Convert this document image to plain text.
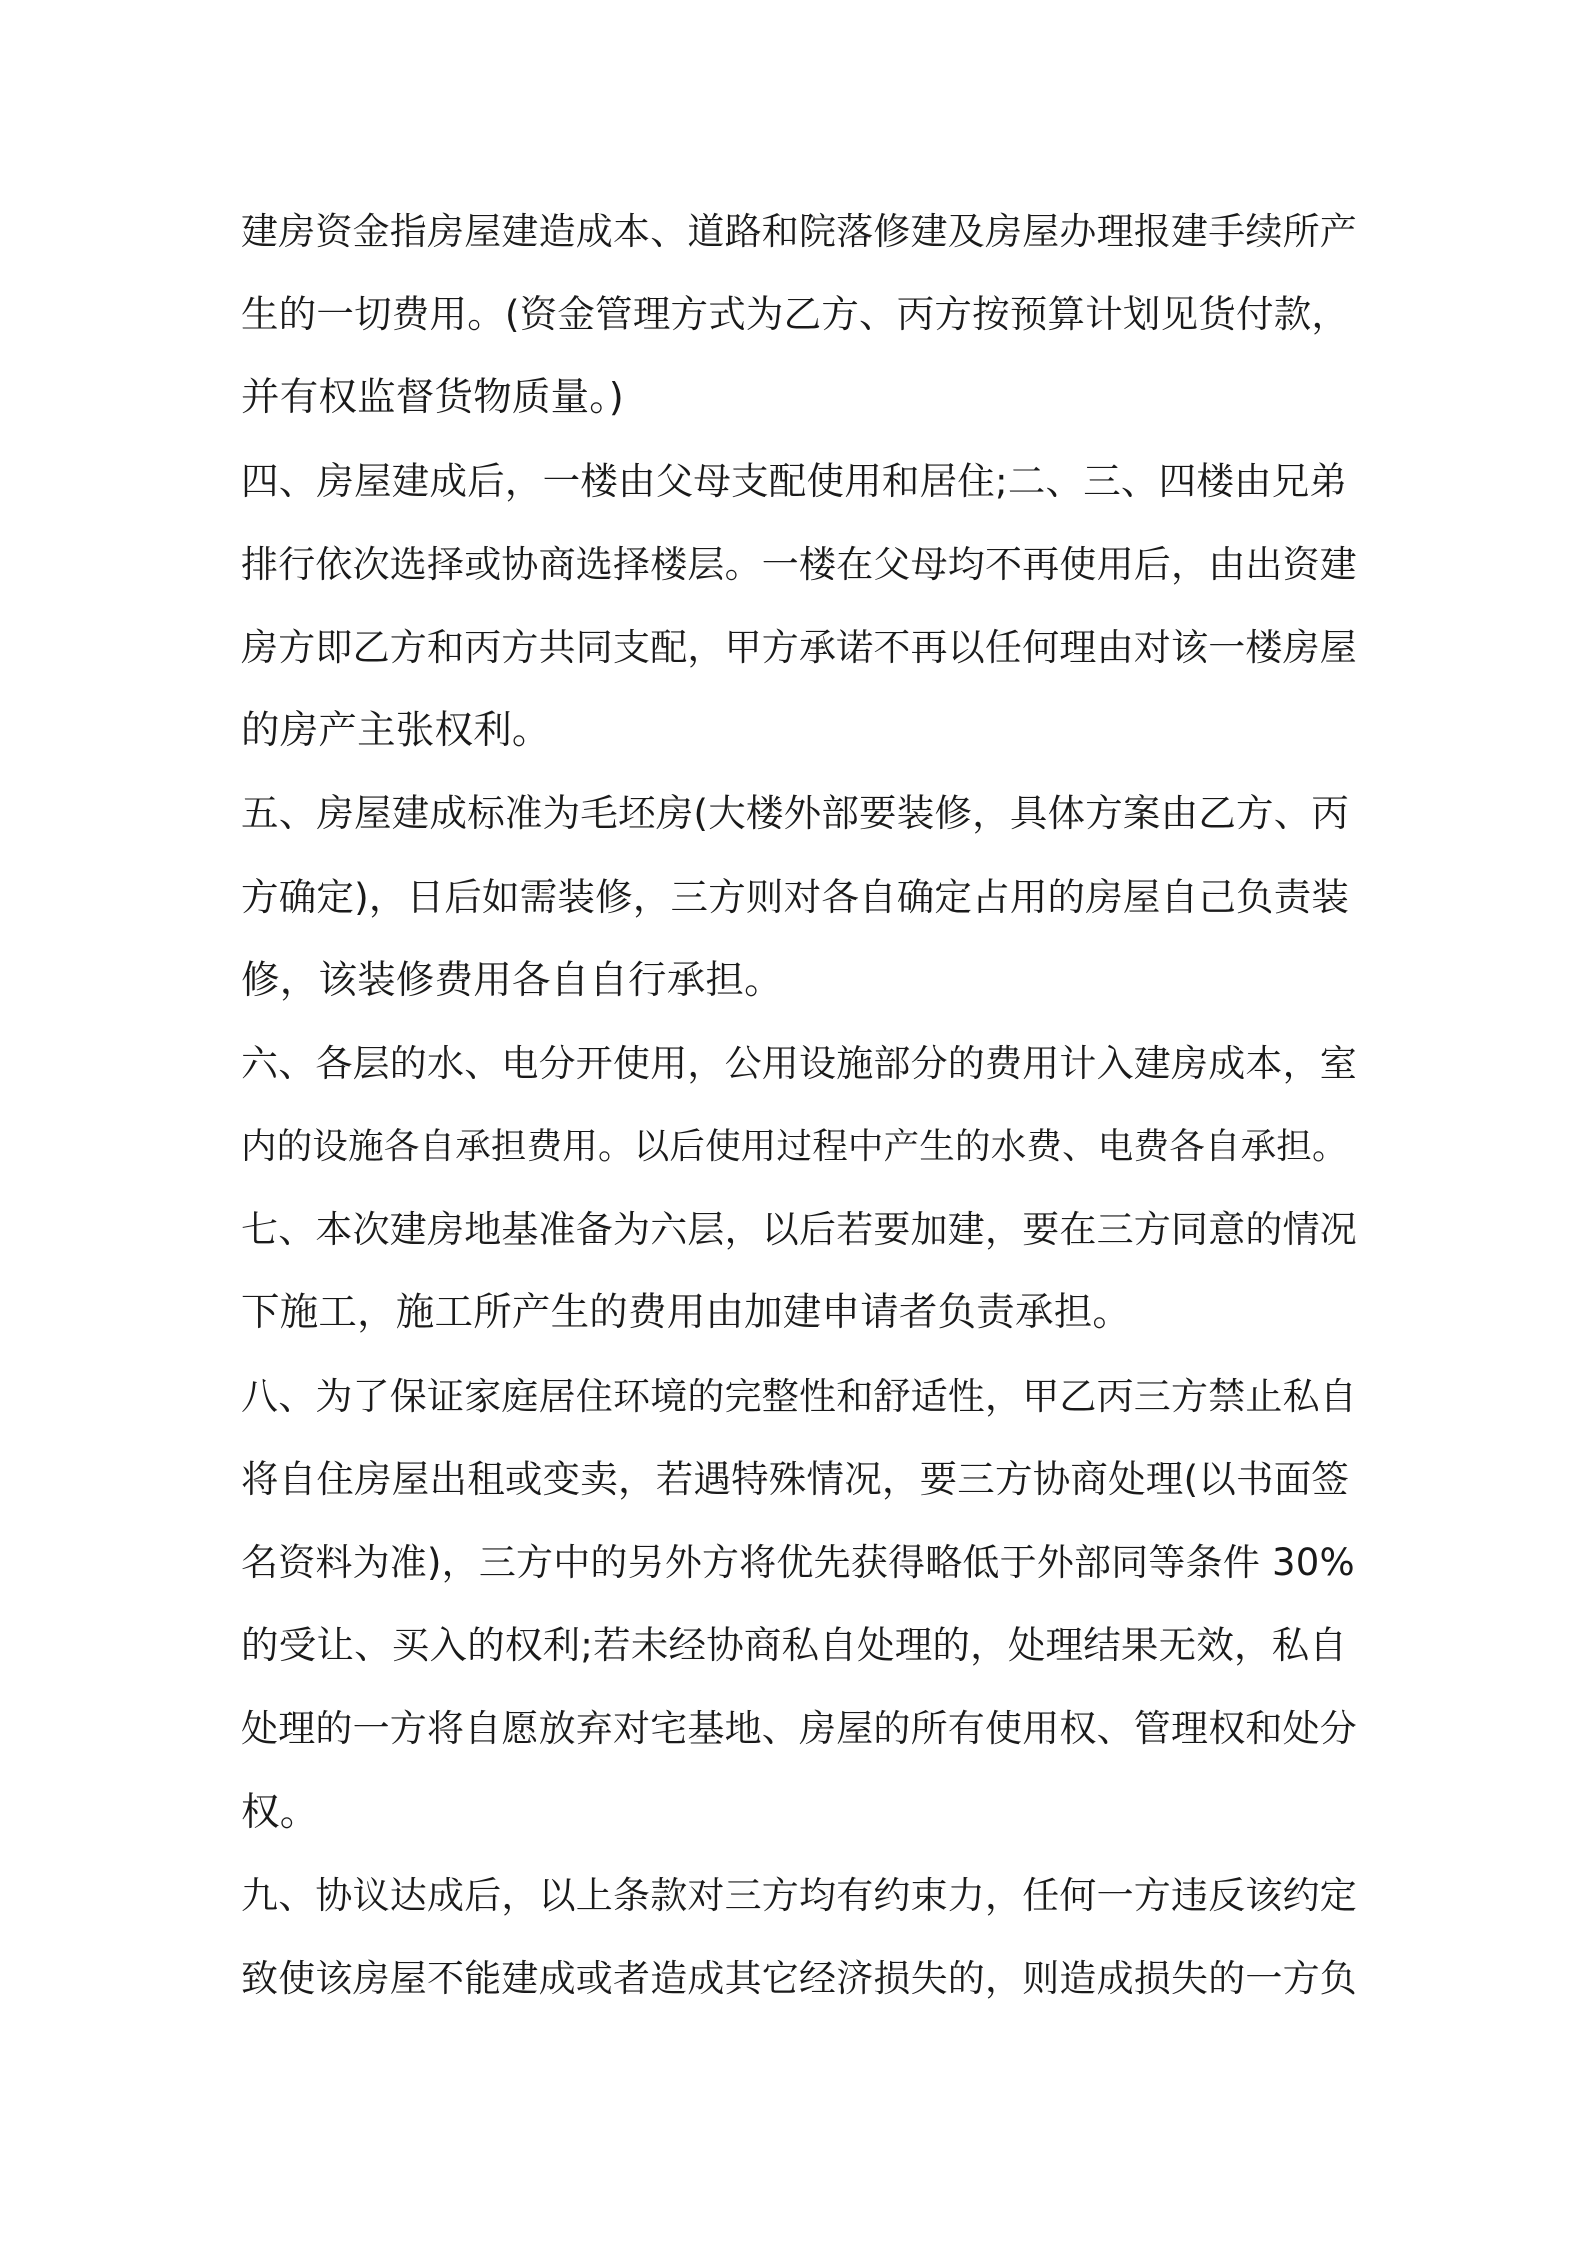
建房资金指房屋建造成本、道路和院落修建及房屋办理报建手续所产
生的一切费用。(资金管理方式为乙方、丙方按预算计划见货付款，
并有权监督货物质量。)
四、房屋建成后，一楼由父母支配使用和居住;二、三、四楼由兄弟
排行依次选择或协商选择楼层。一楼在父母均不再使用后，由出资建
房方即乙方和丙方共同支配，甲方承诺不再以任何理由对该一楼房屋
的房产主张权利。
五、房屋建成标准为毛坯房(大楼外部要装修，具体方案由乙方、丙
方确定)，日后如需装修，三方则对各自确定占用的房屋自己负责装
修，该装修费用各自自行承担。
六、各层的水、电分开使用，公用设施部分的费用计入建房成本，室
内的设施各自承担费用。以后使用过程中产生的水费、电费各自承担。
七、本次建房地基准备为六层，以后若要加建，要在三方同意的情况
下施工，施工所产生的费用由加建申请者负责承担。
八、为了保证家庭居住环境的完整性和舒适性，甲乙丙三方禁止私自
将自住房屋出租或变卖，若遇特殊情况，要三方协商处理(以书面签
名资料为准)，三方中的另外方将优先获得略低于外部同等条件 30%
的受让、买入的权利;若未经协商私自处理的，处理结果无效，私自
处理的一方将自愿放弃对宅基地、房屋的所有使用权、管理权和处分
权。
九、协议达成后，以上条款对三方均有约束力，任何一方违反该约定
致使该房屋不能建成或者造成其它经济损失的，则造成损失的一方负
